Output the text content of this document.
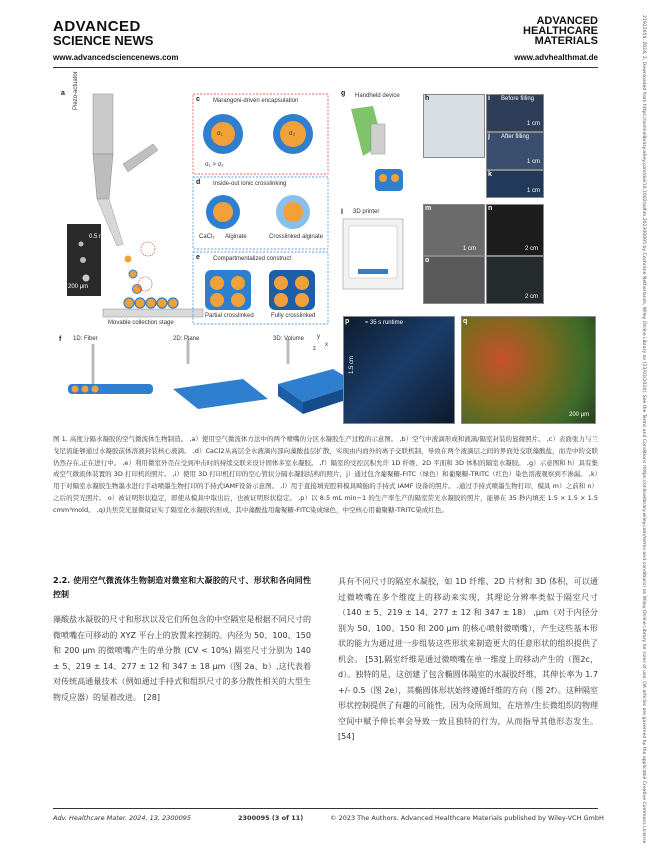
ADVANCED
SCIENCE NEWS
www.advancedsciencenews.com
ADVANCED
HEALTHCARE
MATERIALS
www.advhealthmat.de	21922659, 2024, 2, Downloaded from https://onlinelibrary.wiley.com/doi/10.1002/adhm.202300095 by Cochrane Netherlands, Wiley Online Library on [23/03/2024]. See the Terms and Conditions (https://onlinelibrary.wiley.com/terms-and-conditions) on Wiley Online Library for rules of use; OA articles are governed by the applicable Creative Commons License
a
b
c
d
e
f
g
h	i
j
k
l
m	n
o
p	q
Piezo-actuator	Marangoni-driven encapsulation
σ₁	σ₂
σ₁ > σ₂
Inside-out ionic crosslinking
CaCl₂ Alginate	Crosslinked alginate
Compartmentalized construct
Partial crosslinked	Fully crosslinked
Movable collection stage
200 μm
0.5 ms
Handheld device
3D printer
Before filling
After filling
1 cm
1 cm
1 cm
1 cm	2 cm
2 cm
1D: Fiber	2D: Plane	3D: Volume
≈ 35 s runtime
1.5 cm
200 μm
x
y
z
图 1. 高度分隔水凝胶的空气微流体生物制造。 ,a）使用空气微流体方法中的两个喷嘴的分区水凝胶生产过程的示意图。 ,b）空气中液滴形成和液滴/隔室封装的显微照片。 ,c）表面张力与兰戈尼流能够通过水凝胶前体溶液封装核心液滴。 ,d）CaCl2从高层全水液滴内部向藻酸盐层扩散，实现由内而外的离子交联机制，导致在两个液滴层之间的界面处交联藻酸盐，而壳中的交联仍然存在,正在进行中。 ,e）利用微室外壳在受到冲击时的持续交联来设计固体多室水凝胶。 ,f）隔室的受控沉积允许 1D 纤维、2D 平面和 3D 体积的隔室水凝胶。 ,g）示意图和 h）具有集成空气微流体装置的 3D 打印机的照片。 ,i）使用 3D 打印机打印的空心管状分隔水凝胶结构的照片，j）通过包含葡聚糖-FITC（绿色）和葡聚糖-TRITC（红色）染色溶液观察到不渗漏。 ,k）用于对隔室水凝胶生物墨水进行手动喷墨生物打印的手持式IAMF设备示意图。 ,l）用于直接填充腔料模具畸胎的手持式 IAMF 设备的照片。 ,通过手持式喷墨生物打印，模具 m）之前和 n）之后的荧光照片。 o）被证明形状稳定，即使从模具中取出后，也被证明形状稳定。 ,p）以 8.5 mL min−1 的生产率生产的隔室荧光水凝胶的照片，能够在 35 秒内填充 1.5 × 1.5 × 1.5 cmm³mold。 ,q)共焦荧光显微镜证实了隔室化水凝胶的形成，其中藻酸盐用葡聚糖-FITC染成绿色，中空核心用葡聚糖-TRITC染成红色。
2.2. 使用空气微流体生物制造对微室和大凝胶的尺寸、形状和各向同性控制
藻酸盐水凝胶的尺寸和形状以及它们所包含的中空隔室是根据不同尺寸的微喷嘴在可移动的 XYZ 平台上的放置来控制的。内径为 50、100、150 和 200 μm 的微喷嘴产生的单分散 (CV < 10%) 隔室尺寸分别为 140 ± 5、219 ± 14、277 ± 12 和 347 ± 18 μm（图 2a、b）,这代表着对传统高通量技术（例如通过手持式和组织尺寸的多分散性相关的大型生物反应器）的显着改进。 [28]
具有不同尺寸的隔室水凝胶，如 1D 纤维、2D 片材和 3D 体积，可以通过微喷嘴在多个维度上的移动来实现，其理论分辨率类似于隔室尺寸（140 ± 5、219 ± 14、277 ± 12 和 347 ± 18） ,μm（对于内径分别为 50、100、150 和 200 μm 的核心喷射微喷嘴），产生这些基本形状的能力为通过进一步组装这些形状来制造更大的任意形状的组织提供了机会。 [53],隔室纤维是通过微喷嘴在单一维度上的移动产生的（图2c，d）。独特的是，这创建了包含椭圆体隔室的水凝胶纤维，其伸长率为 1.7 +/- 0.5（图 2e），其椭圆体形状始终遵循纤维的方向（图 2f）。这种隔室形状控制提供了有趣的可能性，因为众所周知，在培养/生长微组织的物理空间中赋予伸长率会导致一致且独特的行为，从而指导其他形态发生。 [54]
Adv. Healthcare Mater. 2024, 13, 2300095	2300095 (3 of 11)	© 2023 The Authors. Advanced Healthcare Materials published by Wiley-VCH GmbH
